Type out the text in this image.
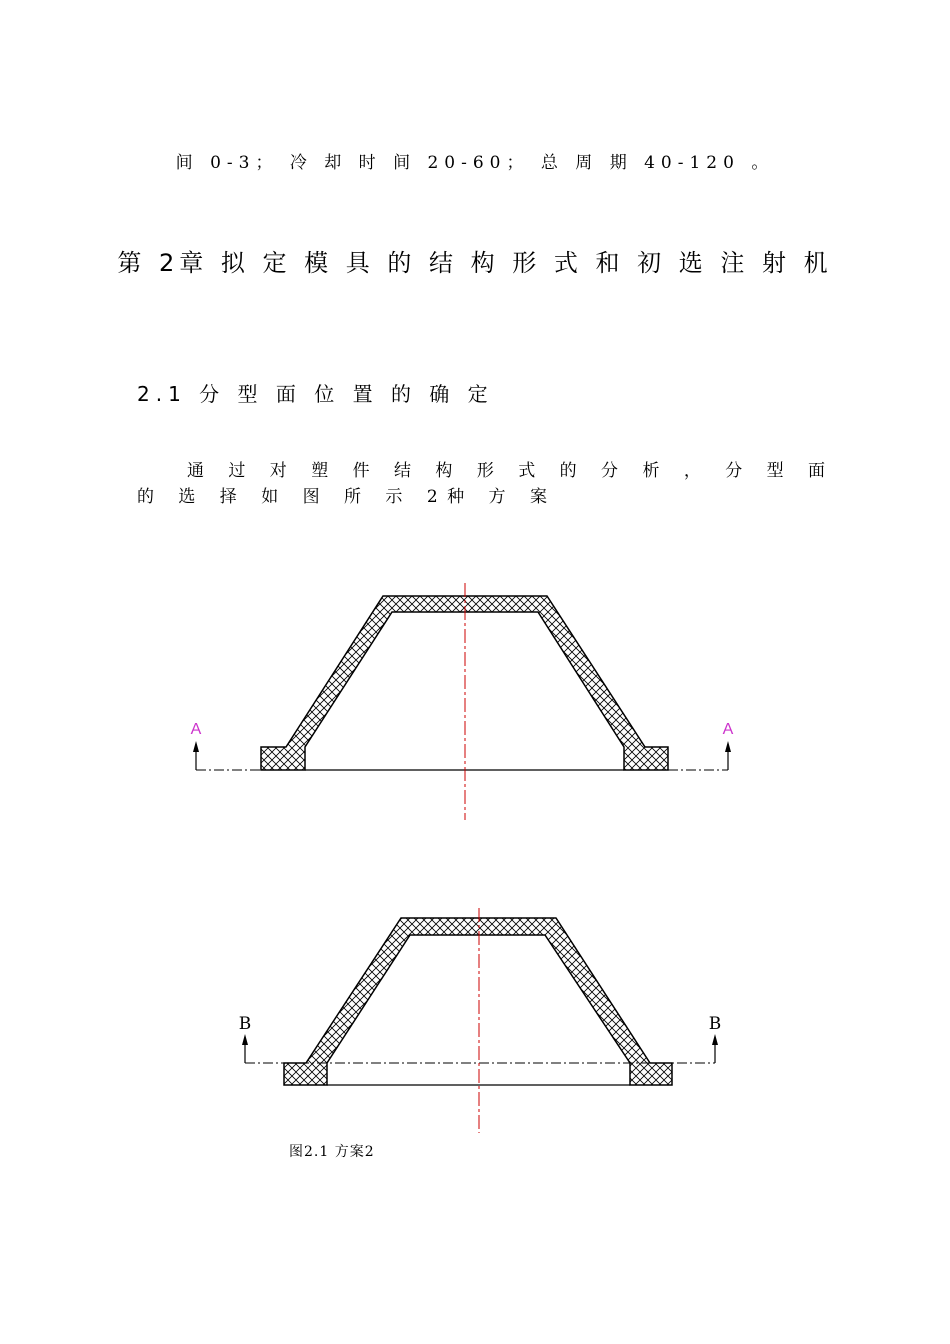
间 0-3； 冷 却 时 间 20-60； 总 周 期 40-120 。
第 2章 拟 定 模 具 的 结 构 形 式 和 初 选 注 射 机
2.1 分 型 面 位 置 的 确 定
通 过 对 塑 件 结 构 形 式 的 分 析 ， 分 型 面 的 选 择 如 图 所 示 2种 方 案
A	A
B	B
图2.1 方案2
